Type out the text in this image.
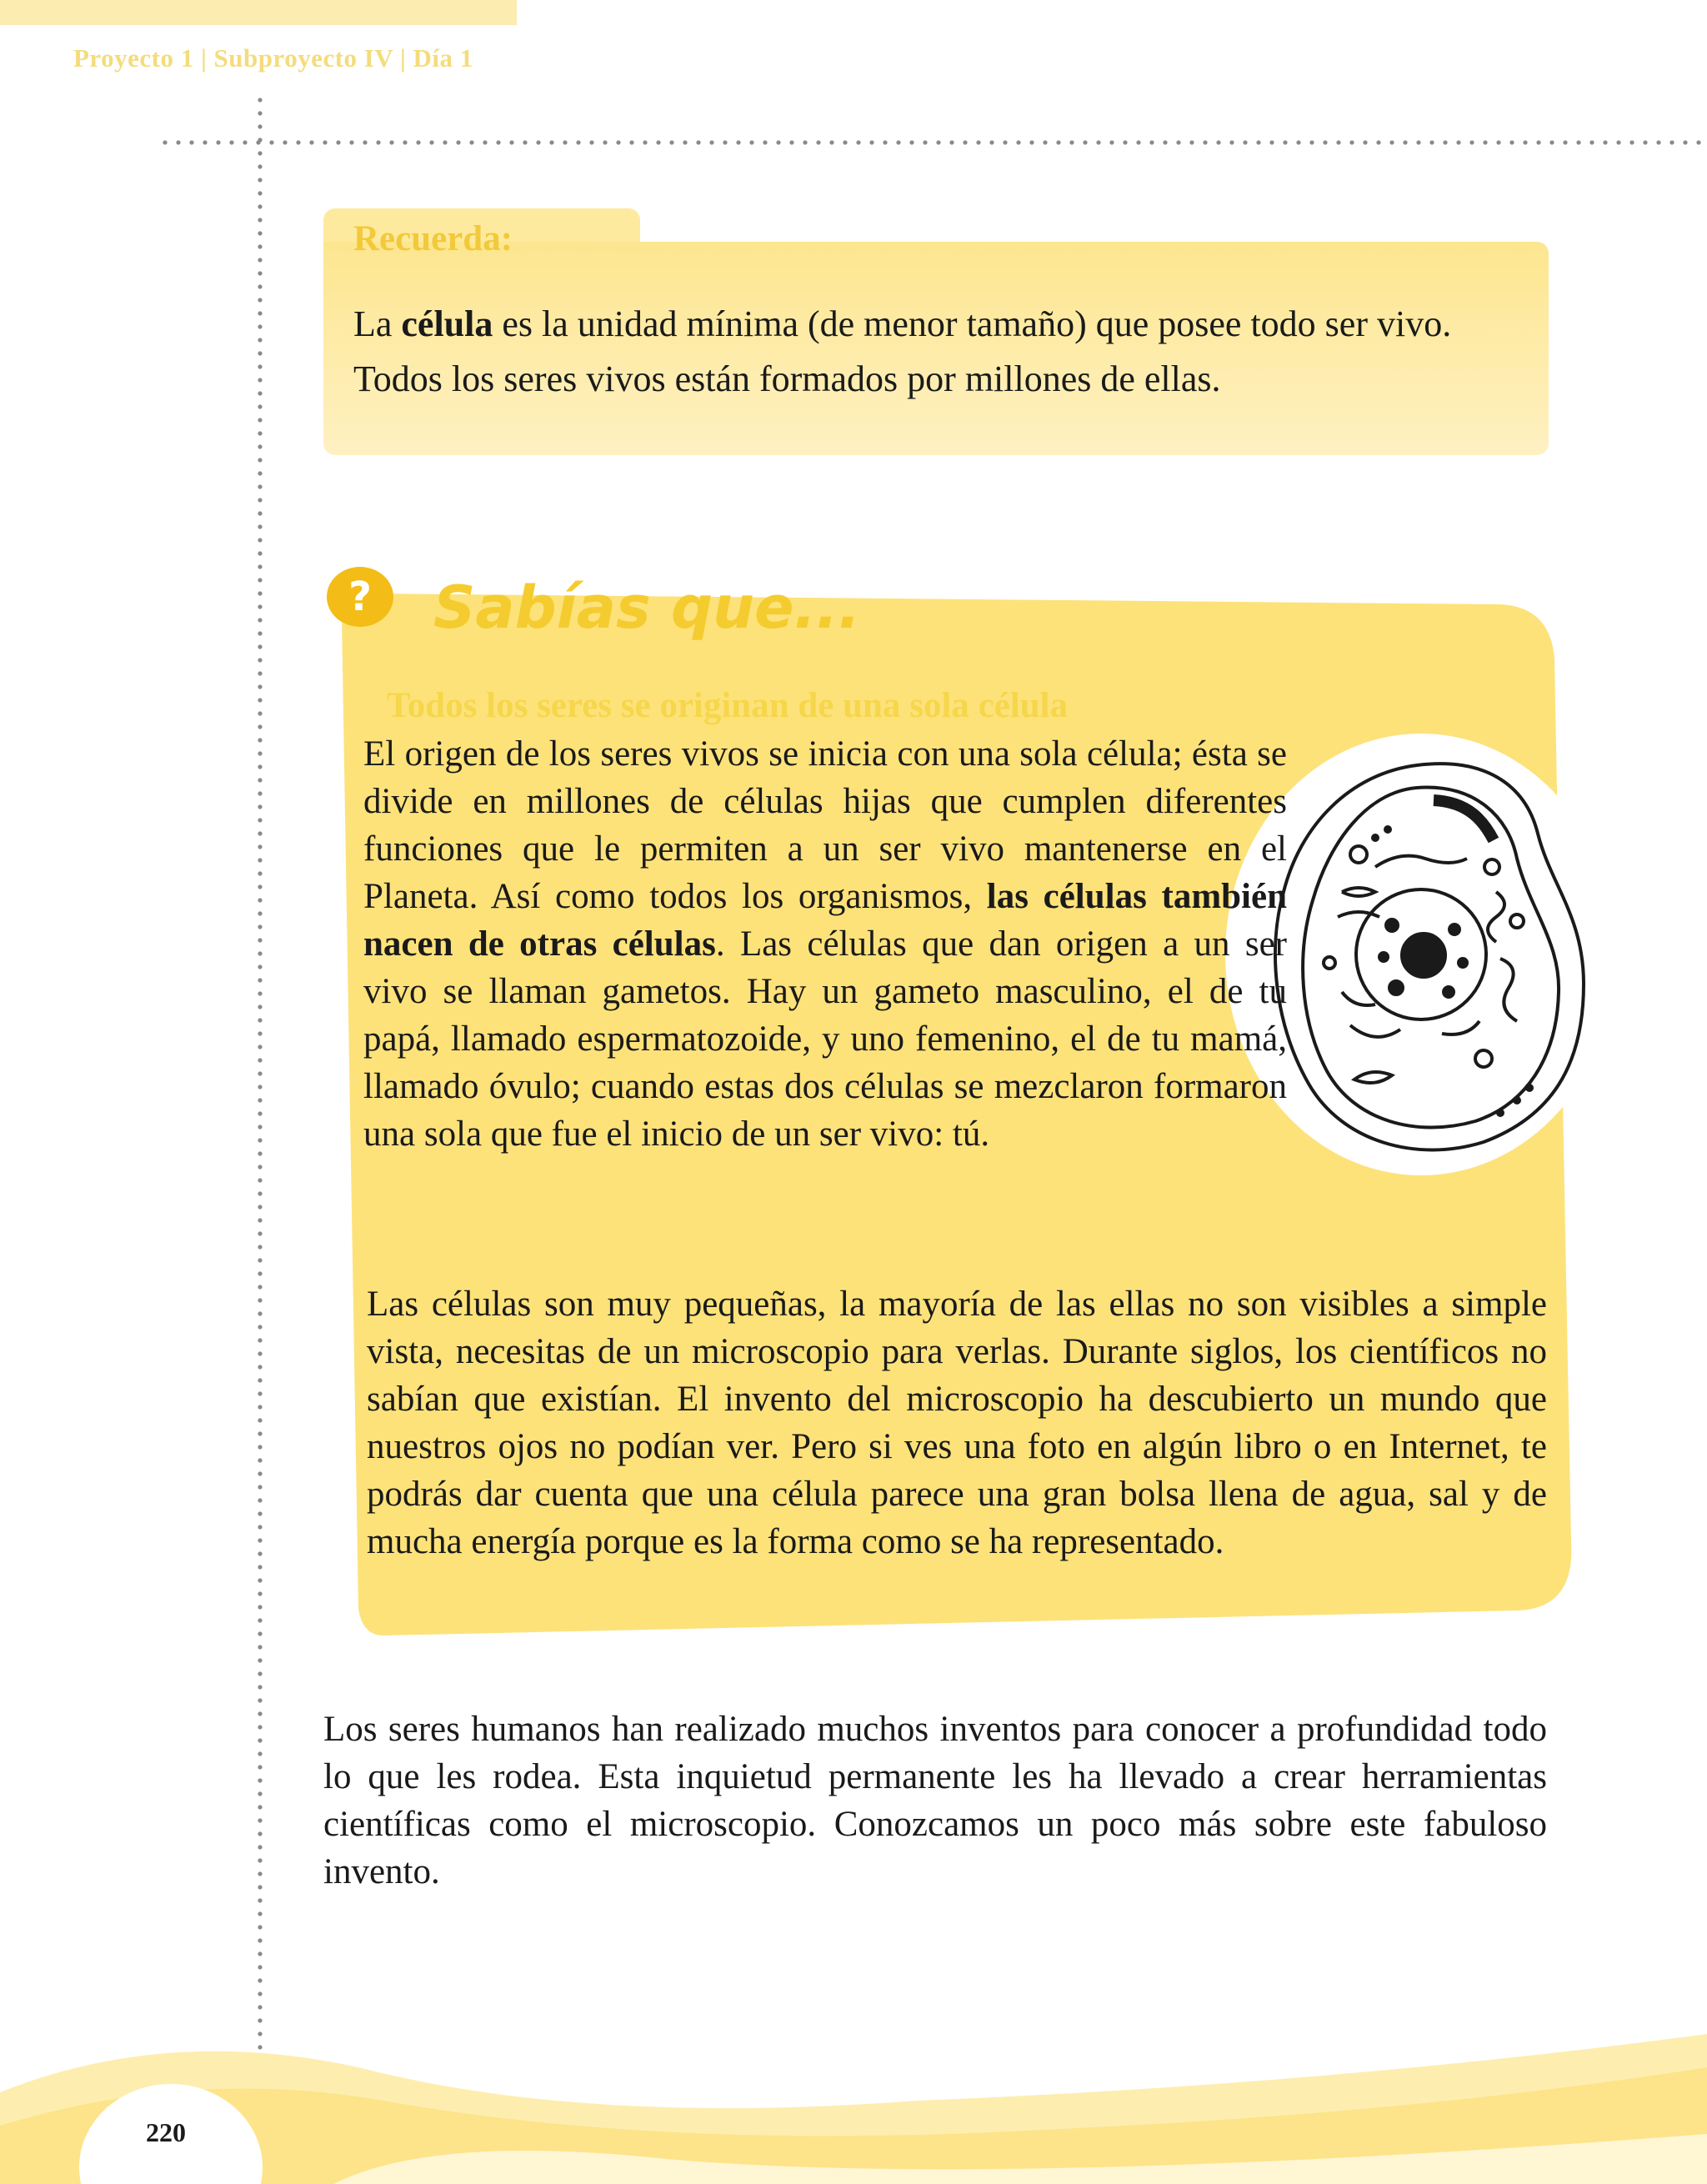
Proyecto 1 | Subproyecto IV | Día 1
Recuerda:
La célula es la unidad mínima (de menor tamaño) que posee todo ser vivo.
Todos los seres vivos están formados por millones de ellas.
?	Sabías que...
Todos los seres se originan de una sola célula
El origen de los seres vivos se inicia con una sola célula; ésta se divide en millones de células hijas que cumplen diferentes funciones que le permiten a un ser vivo mantenerse en el Planeta. Así como todos los organismos, las células también nacen de otras células. Las células que dan origen a un ser vivo se llaman gametos. Hay un gameto masculino, el de tu papá, llamado espermatozoide, y uno femenino, el de tu mamá, llamado óvulo; cuando estas dos células se mezclaron formaron una sola que fue el inicio de un ser vivo: tú.
Las células son muy pequeñas, la mayoría de las ellas no son visibles a simple vista, necesitas de un microscopio para verlas. Durante siglos, los científicos no sabían que existían. El invento del microscopio ha descubierto un mundo que nuestros ojos no podían ver. Pero si ves una foto en algún libro o en Internet, te podrás dar cuenta que una célula parece una gran bolsa llena de agua, sal y de mucha energía porque es la forma como se ha representado.
Los seres humanos han realizado muchos inventos para conocer a profundidad todo lo que les rodea. Esta inquietud permanente les ha llevado a crear herramientas científicas como el microscopio. Conozcamos un poco más sobre este fabuloso invento.
220
